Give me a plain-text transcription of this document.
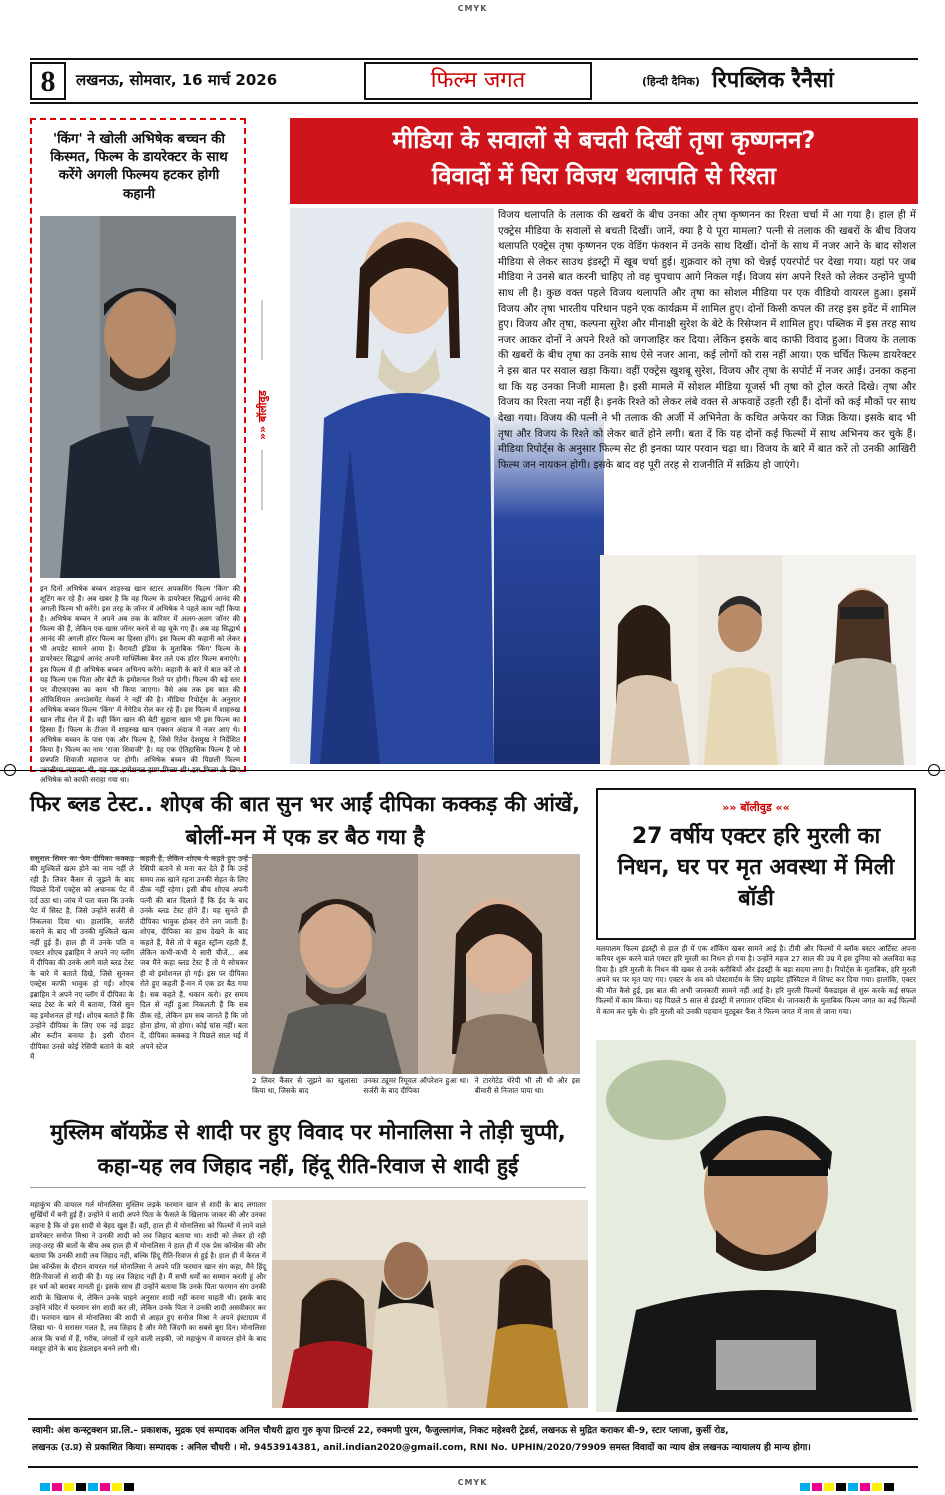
CMYK
8	लखनऊ, सोमवार, 16 मार्च 2026	फिल्म जगत	(हिन्दी दैनिक) रिपब्लिक रैनैसां
'किंग' ने खोली अभिषेक बच्चन की किस्मत, फिल्म के डायरेक्टर के साथ करेंगे अगली फिल्मय हटकर होगी कहानी
इन दिनों अभिषेक बच्चन शाहरुख खान स्टारर अपकमिंग फिल्म 'किंग' की शूटिंग कर रहे हैं। अब खबर है कि वह फिल्म के डायरेक्टर सिद्धार्थ आनंद की अगली फिल्म भी करेंगे। इस तरह के जॉनर में अभिषेक ने पहले काम नहीं किया है। अभिषेक बच्चन ने अपने अब तक के करियर में अलग-अलग जॉनर की फिल्म की हैं, लेकिन एक खास जॉनर करने से वह चूके गए हैं। अब वह सिद्धार्थ आनंद की अगली हॉरर फिल्म का हिस्सा होंगे। इस फिल्म की कहानी को लेकर भी अपडेट सामने आया है। वैरायटी इंडिया के मुताबिक 'किंग' फिल्म के डायरेक्टर सिद्धार्थ आनंद अपनी मार्फ्लिक्स बैनर तले एक हॉरर फिल्म बनाएंगे। इस फिल्म में ही अभिषेक बच्चन अभिनय करेंगे। कहानी के बारे में बात करें तो यह फिल्म एक पिता और बेटी के इमोशनल रिश्ते पर होगी। फिल्म की बड़े स्तर पर वीएफएक्स का काम भी किया जाएगा। वैसे अब तक इस बात की ऑफिशियल अनाउंसमेंट मेकर्स ने नहीं की है। मीडिया रिपोर्ट्स के अनुसार अभिषेक बच्चन फिल्म 'किंग' में नेगेटिव रोल कर रहे हैं। इस फिल्म में शाहरुख खान लीड रोल में हैं। वहीं किंग खान की बेटी सुहाना खान भी इस फिल्म का हिस्सा हैं। फिल्म के टीजर में शाहरुख खान एक्शन अंदाज में नजर आए थे। अभिषेक बच्चन के पास एक और फिल्म है, जिसे रितेश देशमुख ने निर्देशित किया है। फिल्म का नाम 'राजा शिवाजी' है। यह एक ऐतिहासिक फिल्म है जो छत्रपति शिवाजी महाराज पर होगी। अभिषेक बच्चन की पिछली फिल्म अभिषेक को काफी सराहा गया था।
»» बॉलीवुड
मीडिया के सवालों से बचती दिखीं तृषा कृष्णनन?
विवादों में घिरा विजय थलापति से रिश्ता
विजय थलापति के तलाक की खबरों के बीच उनका और तृषा कृष्णनन का रिश्ता चर्चा में आ गया है। हाल ही में एक्ट्रेस मीडिया के सवालों से बचती दिखीं। जानें, क्या है ये पूरा मामला? पत्नी से तलाक की खबरों के बीच विजय थलापति एक्ट्रेस तृषा कृष्णनन एक वेडिंग फंक्शन में उनके साथ दिखीं। दोनों के साथ में नजर आने के बाद सोशल मीडिया से लेकर साउथ इंडस्ट्री में खूब चर्चा हुई। शुक्रवार को तृषा को चेन्नई एयरपोर्ट पर देखा गया। यहां पर जब मीडिया ने उनसे बात करनी चाहिए तो वह चुपचाप आगे निकल गईं। विजय संग अपने रिश्ते को लेकर उन्होंने चुप्पी साध ली है। कुछ वक्त पहले विजय थलापति और तृषा का सोशल मीडिया पर एक वीडियो वायरल हुआ। इसमें विजय और तृषा भारतीय परिधान पहने एक कार्यक्रम में शामिल हुए। दोनों किसी कपल की तरह इस इवेंट में शामिल हुए। विजय और तृषा, कल्पना सुरेश और मीनाक्षी सुरेश के बेटे के रिसेप्शन में शामिल हुए। पब्लिक में इस तरह साथ नजर आकर दोनों ने अपने रिश्ते को जगजाहिर कर दिया। लेकिन इसके बाद काफी विवाद हुआ। विजय के तलाक की खबरों के बीच तृषा का उनके साथ ऐसे नजर आना, कई लोगों को रास नहीं आया। एक चर्चित फिल्म डायरेक्टर ने इस बात पर सवाल खड़ा किया। वहीं एक्ट्रेस खुशबू सुरेश, विजय और तृषा के सपोर्ट में नजर आईं। उनका कहना था कि यह उनका निजी मामला है। इसी मामले में सोशल मीडिया यूजर्स भी तृषा को ट्रोल करते दिखे। तृषा और विजय का रिश्ता नया नहीं है। इनके रिश्ते को लेकर लंबे वक्त से अफवाहें उड़ती रही हैं। दोनों को कई मौकों पर साथ देखा गया। विजय की पत्नी ने भी तलाक की अर्जी में अभिनेता के कथित अफेयर का जिक्र किया। इसके बाद भी तृषा और विजय के रिश्ते को लेकर बातें होने लगी। बता दें कि यह दोनों कई फिल्मों में साथ अभिनय कर चुके हैं। मीडिया रिपोर्ट्स के अनुसार फिल्म सेट ही इनका प्यार परवान चढ़ा था। विजय के बारे में बात करें तो उनकी आखिरी फिल्म जन नायकन होगी। इसके बाद वह पूरी तरह से राजनीति में सक्रिय हो जाएंगे।
फिर ब्लड टेस्ट.. शोएब की बात सुन भर आईं दीपिका कक्कड़ की आंखें, बोलीं-मन में एक डर बैठ गया है
ससुराल सिमर का फेम दीपिका कक्कड़ की मुश्किलें खत्म होने का नाम नहीं ले रही हैं। लिवर कैंसर से जूझने के बाद पिछले दिनों एक्ट्रेस को अचानक पेट में दर्द उठा था। जांच में पता चला कि उनके पेट में सिस्ट है, जिसे उन्होंने सर्जरी से निकलवा दिया था। हालांकि, सर्जरी कराने के बाद भी उनकी मुश्किलें खत्म नहीं हुई हैं। हाल ही में उनके पति व एक्टर शोएब इब्राहिम ने अपने नए व्लॉग में दीपिका की उनके आगे वाले ब्लड टेस्ट के बारे में बताते दिखे, जिसे सुनकर एक्ट्रेस काफी भावुक हो गईं। शोएब इब्राहिम ने अपने नए व्लॉग में दीपिका के ब्लड टेस्ट के बारे में बताया, जिसे सुन वह इमोशनल हो गईं। शोएब बताते हैं कि उन्होंने दीपिका के लिए एक नई डाइट और रूटीन बनाया है। इसी दौरान दीपिका उनसे कोई रेसिपी बताने के बारे में
कहती हैं, लेकिन शोएब ये कहते हुए उन्हें रेसिपी बताने से मना कर देते हैं कि उन्हें समय तक खाने रहना उनकी सेहत के लिए ठीक नहीं रहेगा। इसी बीच शोएब अपनी पत्नी की बात दिलाते हैं कि ईद के बाद उनके ब्लड टेस्ट होने हैं। यह सुनते ही दीपिका भावुक होकर रोने लग जाती हैं। शोएब, दीपिका का हाथ देखने के बाद कहते हैं, वैसे तो ये बहुत स्ट्रॉन्ग रहती हैं, लेकिन कभी-कभी ये सारी चीजें... अब जब मैंने कहा ब्लड टेस्ट हैं तो ये सोचकर ही वो इमोशनल हो गई। इस पर दीपिका रोते हुए कहती हैं-मन में एक डर बैठ गया है। सब कहते हैं, थकान करो। हर समय दिल से नहीं हुआ निकलती हैं कि सब ठीक रहे, लेकिन हम सब जानते हैं कि जो होना होगा, वो होगा। कोई चांस नहीं। बता दें, दीपिका कक्कड़ ने पिछले साल मई में अपने स्टेज
2 लिवर कैंसर से जूझने का खुलासा किया था, जिसके बाद
उनका ट्यूमर रिमूवल ऑपरेशन हुआ था। सर्जरी के बाद दीपिका
ने टारगेटेड थेरेपी भी ली थी और इस बीमारी से निजात पाया था।
»» बॉलीवुड ««
27 वर्षीय एक्टर हरि मुरली का निधन, घर पर मृत अवस्था में मिली बॉडी
मलयालम फिल्म इंडस्ट्री से हाल ही में एक शॉकिंग खबर सामने आई है। टीवी और फिल्मों में ब्लॉक बस्टर आर्टिस्ट अपना करियर शुरू करने वाले एक्टर हरि मुरली का निधन हो गया है। उन्होंने महज 27 साल की उम्र में इस दुनिया को अलविदा कह दिया है। हरि मुरली के निधन की खबर से उनके करीबियों और इंडस्ट्री के बड़ा सदमा लगा है। रिपोर्ट्स के मुताबिक, हरि मुरली अपने घर पर मृत पाए गए। एक्टर के शव को पोस्टमार्टम के लिए प्राइवेट हॉस्पिटल में शिफ्ट कर दिया गया। हालांकि, एक्टर की मौत कैसे हुई, इस बात की अभी जानकारी सामने नहीं आई है। हरि मुरली फिल्मों चैकडाइस से शुरू करके कई सफल फिल्मों में काम किया। यह पिछले 5 साल से इंडस्ट्री में लगातार एक्टिव थे। जानकारी के मुताबिक फिल्म जगत का कई फिल्मों में काम कर चुके थे। हरि मुरली को उनकी पहचान यूट्यूबर फैंस ने फिल्म जगत में नाम से जाना गया।
मुस्लिम बॉयफ्रेंड से शादी पर हुए विवाद पर मोनालिसा ने तोड़ी चुप्पी, कहा-यह लव जिहाद नहीं, हिंदू रीति-रिवाज से शादी हुई
महाकुंभ की वायरल गर्ल मोनालिसा मुस्लिम लड़के फरमान खान से शादी के बाद लगातार सुर्खियों में बनी हुई हैं। उन्होंने ये शादी अपने पिता के फैसले के खिलाफ जाकर की और उनका कहना है कि वो इस शादी से बेहद खुश हैं। वहीं, हाल ही में मोनालिसा को फिल्मों में लाने वाले डायरेक्टर सनोज मिश्रा ने उनकी शादी को लव जिहाद बताया था। शादी को लेकर हो रही तरह-तरह की बातों के बीच अब हाल ही में मोनालिसा ने हाल ही में एक प्रेस कॉन्फ्रेंस की और बताया कि उनकी शादी लव जिहाद नहीं, बल्कि हिंदू रीति-रिवाज से हुई है। हाल ही में केरल में प्रेस कॉन्फ्रेंस के दौरान वायरल गर्ल मोनालिसा ने अपने पति फरमान खान संग कहा, मैंने हिंदू रीति-रिवाजों से शादी की है। यह लव जिहाद नहीं है। मैं सभी धर्मों का सम्मान करती हूं और हर धर्म को बराबर मानती हूं। इसके साथ ही उन्होंने बताया कि उनके पिता फरमान संग उनकी शादी के खिलाफ थे, लेकिन उनके चाहने अनुसार शादी नहीं करना चाहती थी। इसके बाद उन्होंने मंदिर में फरमान संग शादी कर ली, लेकिन उनके पिता ने उनकी शादी असवीकार कर दी। फरमान खान से मोनालिसा की शादी से आहत हुए सनोज मिश्रा ने अपने इंस्टाग्राम में लिखा था- ये सरासर गलत है, लव जिहाद है और मेरी जिंदगी का सबसे बुरा दिन। मोनालिसा आज कि चर्चा में हैं, गरीब, जंगलों में रहने वाली लड़की, जो महाकुंभ में वायरल होने के बाद मशहूर होने के बाद हेडलाइन बनने लगी थी।
स्वामी: अंश कन्स्ट्रक्शन प्रा.लि.– प्रकाशक, मुद्रक एवं सम्पादक अनिल चौधरी द्वारा गुरु कृपा प्रिन्टर्स 22, रुक्मणी पुरम, फैजुल्लागंज, निकट महेश्वरी ट्रेडर्स, लखनऊ से मुद्रित कराकर बी–9, स्टार प्लाजा, कुर्सी रोड,
लखनऊ (उ.प्र) से प्रकाशित किया। सम्पादक : अनिल चौधरी । मो. 9453914381, anil.indian2020@gmail.com, RNI No. UPHIN/2020/79909 समस्त विवादों का न्याय क्षेत्र लखनऊ न्यायालय ही मान्य होगा।
CMYK
